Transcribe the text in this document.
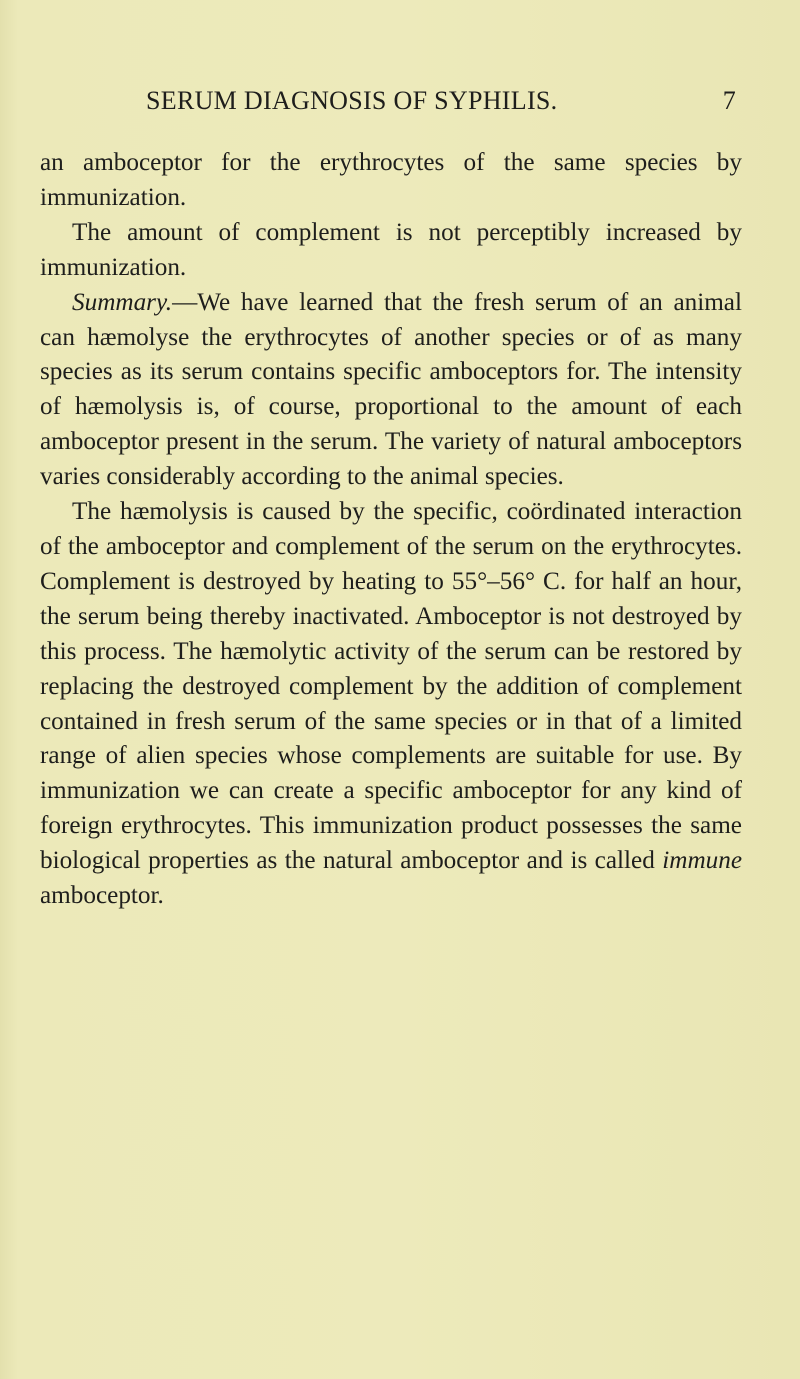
SERUM DIAGNOSIS OF SYPHILIS.	7

an amboceptor for the erythrocytes of the same species by immunization.

The amount of complement is not perceptibly increased by immunization.

Summary.—We have learned that the fresh serum of an animal can hæmolyse the erythrocytes of another species or of as many species as its serum contains specific amboceptors for. The intensity of hæmolysis is, of course, proportional to the amount of each amboceptor present in the serum. The variety of natural amboceptors varies considerably according to the animal species.

The hæmolysis is caused by the specific, coördinated interaction of the amboceptor and complement of the serum on the erythrocytes. Complement is destroyed by heating to 55°–56° C. for half an hour, the serum being thereby inactivated. Amboceptor is not destroyed by this process. The hæmolytic activity of the serum can be restored by replacing the destroyed complement by the addition of complement contained in fresh serum of the same species or in that of a limited range of alien species whose complements are suitable for use. By immunization we can create a specific amboceptor for any kind of foreign erythrocytes. This immunization product possesses the same biological properties as the natural amboceptor and is called immune amboceptor.
